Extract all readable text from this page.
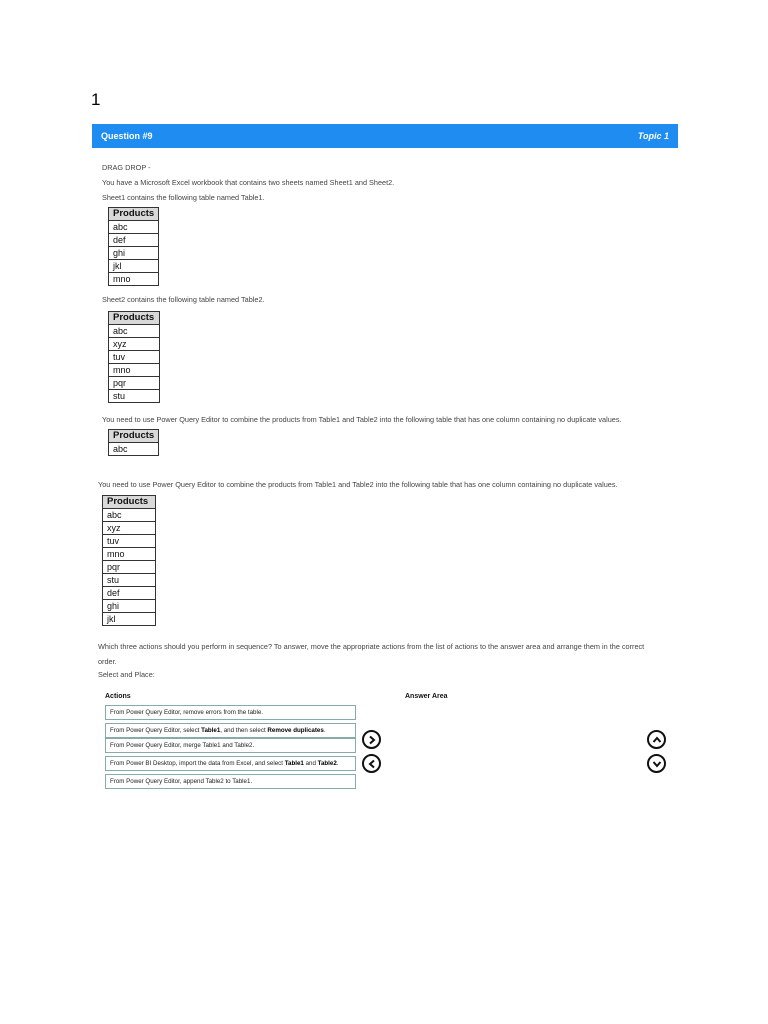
1
Question #9	Topic 1
DRAG DROP -
You have a Microsoft Excel workbook that contains two sheets named Sheet1 and Sheet2.
Sheet1 contains the following table named Table1.
Products
abc
def
ghi
jkl
mno
Sheet2 contains the following table named Table2.
Products
abc
xyz
tuv
mno
pqr
stu
You need to use Power Query Editor to combine the products from Table1 and Table2 into the following table that has one column containing no duplicate values.
Products
abc
You need to use Power Query Editor to combine the products from Table1 and Table2 into the following table that has one column containing no duplicate values.
Products
abc
xyz
tuv
mno
pqr
stu
def
ghi
jkl
Which three actions should you perform in sequence? To answer, move the appropriate actions from the list of actions to the answer area and arrange them in the correct
order.
Select and Place:
Actions	Answer Area
From Power Query Editor, remove errors from the table.
From Power Query Editor, select Table1, and then select Remove duplicates.
From Power Query Editor, merge Table1 and Table2.
From Power BI Desktop, import the data from Excel, and select Table1 and Table2.
From Power Query Editor, append Table2 to Table1.
